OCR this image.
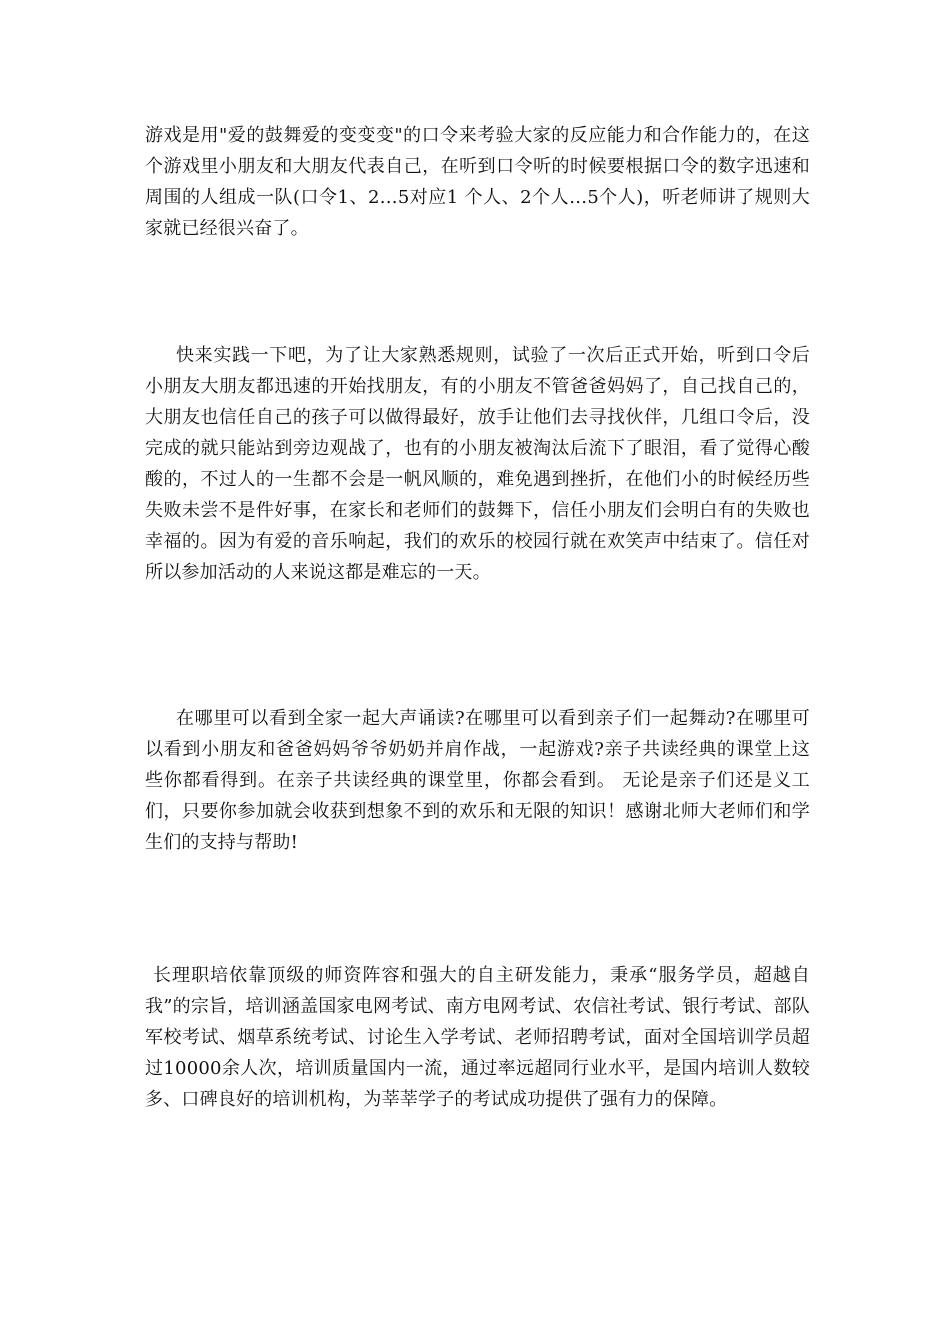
游戏是用"爱的鼓舞爱的变变变"的口令来考验大家的反应能力和合作能力的，在这个游戏里小朋友和大朋友代表自己，在听到口令听的时候要根据口令的数字迅速和周围的人组成一队(口令1、2…5对应1 个人、2个人…5个人)，听老师讲了规则大家就已经很兴奋了。

快来实践一下吧，为了让大家熟悉规则，试验了一次后正式开始，听到口令后小朋友大朋友都迅速的开始找朋友，有的小朋友不管爸爸妈妈了，自己找自己的，大朋友也信任自己的孩子可以做得最好，放手让他们去寻找伙伴，几组口令后，没完成的就只能站到旁边观战了，也有的小朋友被淘汰后流下了眼泪，看了觉得心酸酸的，不过人的一生都不会是一帆风顺的，难免遇到挫折，在他们小的时候经历些失败未尝不是件好事，在家长和老师们的鼓舞下，信任小朋友们会明白有的失败也幸福的。因为有爱的音乐响起，我们的欢乐的校园行就在欢笑声中结束了。信任对所以参加活动的人来说这都是难忘的一天。

在哪里可以看到全家一起大声诵读?在哪里可以看到亲子们一起舞动?在哪里可以看到小朋友和爸爸妈妈爷爷奶奶并肩作战，一起游戏?亲子共读经典的课堂上这些你都看得到。在亲子共读经典的课堂里，你都会看到。 无论是亲子们还是义工们，只要你参加就会收获到想象不到的欢乐和无限的知识！感谢北师大老师们和学生们的支持与帮助!

长理职培依靠顶级的师资阵容和强大的自主研发能力，秉承“服务学员，超越自我”的宗旨，培训涵盖国家电网考试、南方电网考试、农信社考试、银行考试、部队军校考试、烟草系统考试、讨论生入学考试、老师招聘考试，面对全国培训学员超过10000余人次，培训质量国内一流，通过率远超同行业水平，是国内培训人数较多、口碑良好的培训机构，为莘莘学子的考试成功提供了强有力的保障。
